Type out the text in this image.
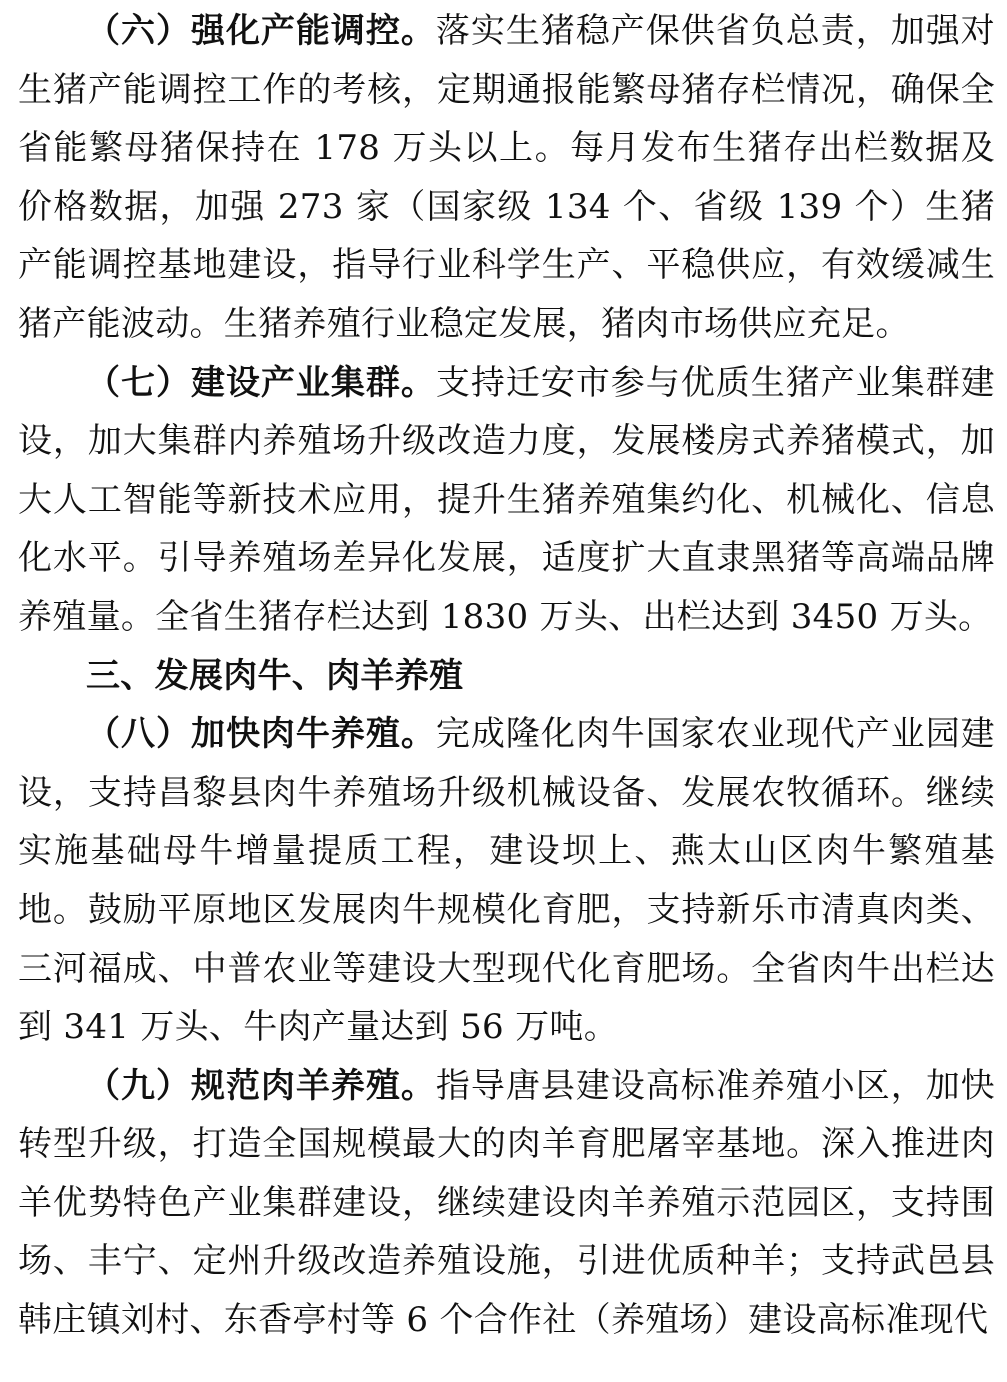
（六）强化产能调控。落实生猪稳产保供省负总责，加强对生猪产能调控工作的考核，定期通报能繁母猪存栏情况，确保全省能繁母猪保持在 178 万头以上。每月发布生猪存出栏数据及价格数据，加强 273 家（国家级 134 个、省级 139 个）生猪产能调控基地建设，指导行业科学生产、平稳供应，有效缓减生猪产能波动。生猪养殖行业稳定发展，猪肉市场供应充足。

（七）建设产业集群。支持迁安市参与优质生猪产业集群建设，加大集群内养殖场升级改造力度，发展楼房式养猪模式，加大人工智能等新技术应用，提升生猪养殖集约化、机械化、信息化水平。引导养殖场差异化发展，适度扩大直隶黑猪等高端品牌养殖量。全省生猪存栏达到 1830 万头、出栏达到 3450 万头。

三、发展肉牛、肉羊养殖

（八）加快肉牛养殖。完成隆化肉牛国家农业现代产业园建设，支持昌黎县肉牛养殖场升级机械设备、发展农牧循环。继续实施基础母牛增量提质工程，建设坝上、燕太山区肉牛繁殖基地。鼓励平原地区发展肉牛规模化育肥，支持新乐市清真肉类、三河福成、中普农业等建设大型现代化育肥场。全省肉牛出栏达到 341 万头、牛肉产量达到 56 万吨。

（九）规范肉羊养殖。指导唐县建设高标准养殖小区，加快转型升级，打造全国规模最大的肉羊育肥屠宰基地。深入推进肉羊优势特色产业集群建设，继续建设肉羊养殖示范园区，支持围场、丰宁、定州升级改造养殖设施，引进优质种羊；支持武邑县韩庄镇刘村、东香亭村等 6 个合作社（养殖场）建设高标准现代
